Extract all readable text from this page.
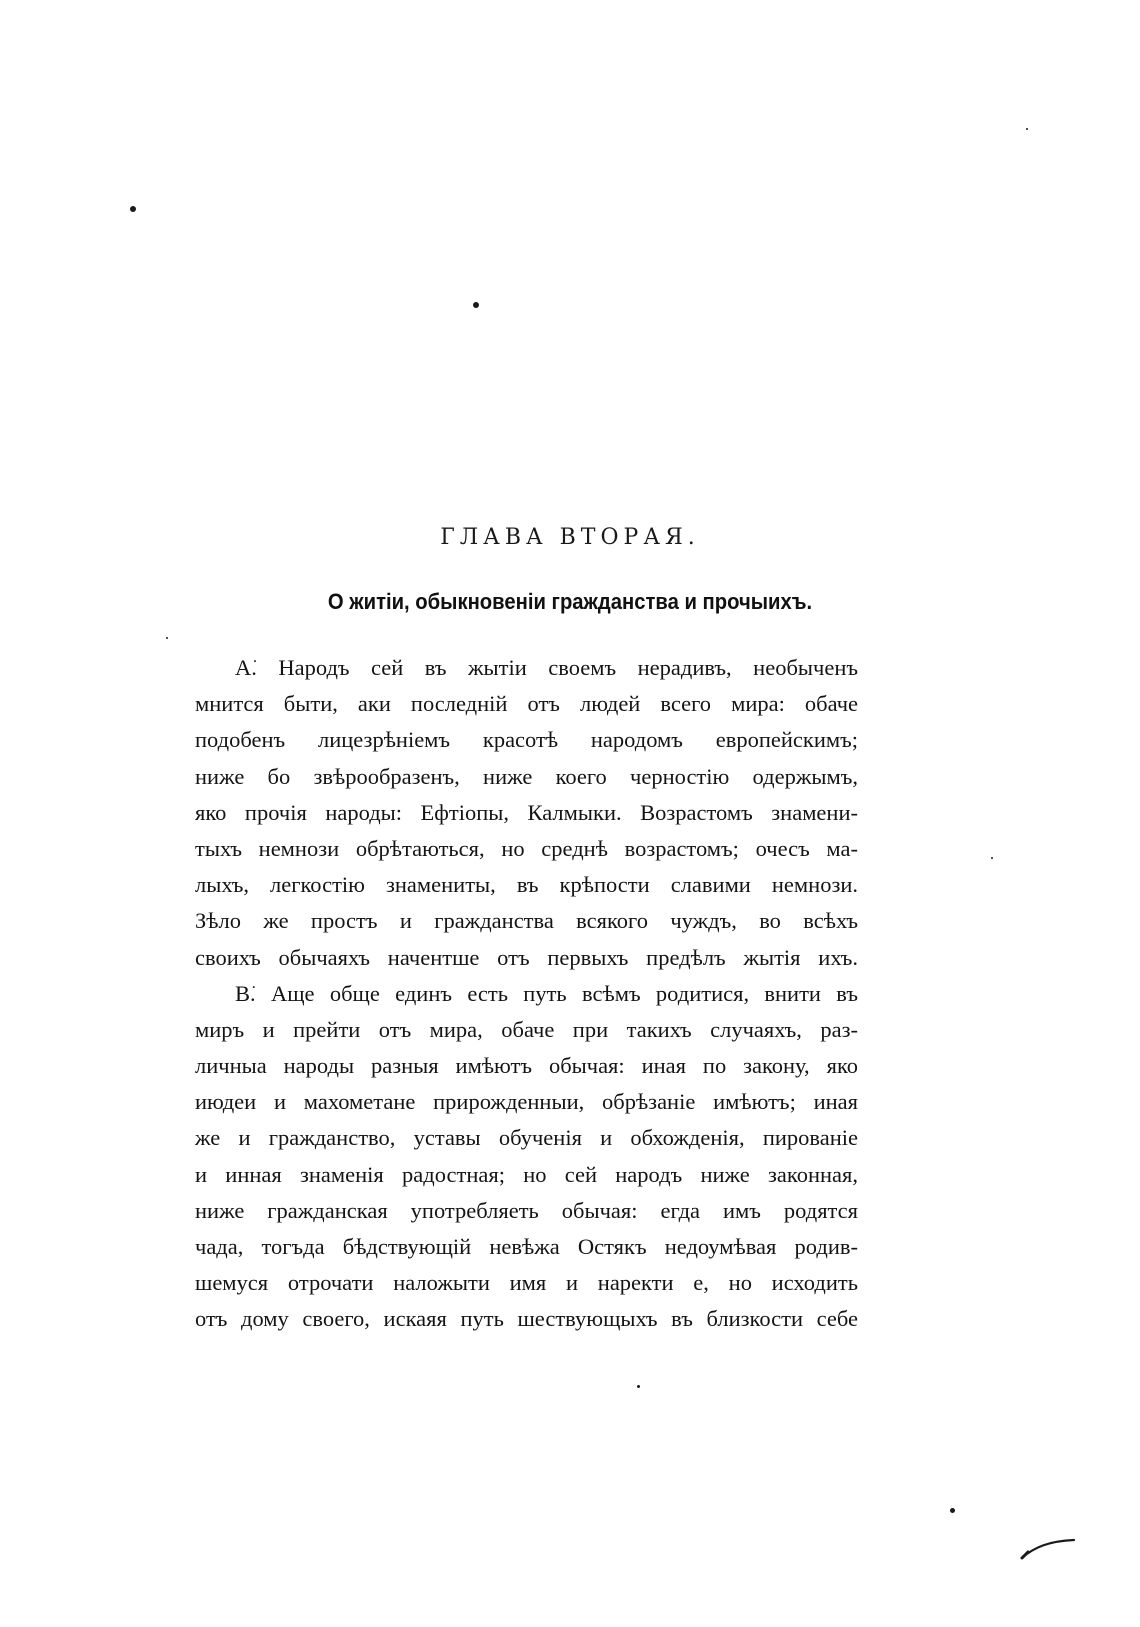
ГЛАВА ВТОРАЯ.
О житіи, обыкновеніи гражданства и прочыихъ.
А͘. Народъ сей въ жытіи своемъ нерадивъ, необыченъ
мнится быти, аки последній отъ людей всего мира: обаче
подобенъ лицезрѣніемъ красотѣ народомъ европейскимъ;
ниже бо звѣрообразенъ, ниже коего черностію одержымъ,
яко прочія народы: Ефтіопы, Калмыки. Возрастомъ знамени-
тыхъ немнози обрѣтаються, но среднѣ возрастомъ; очесъ ма-
лыхъ, легкостію знамениты, въ крѣпости славими немнози.
Зѣло же простъ и гражданства всякого чуждъ, во всѣхъ
своихъ обычаяхъ начентше отъ первыхъ предѣлъ жытія ихъ.
В͘. Аще обще единъ есть путь всѣмъ родитися, внити въ
миръ и прейти отъ мира, обаче при такихъ случаяхъ, раз-
личныа народы разныя имѣютъ обычая: иная по закону, яко
июдеи и махометане прирожденныи, обрѣзаніе имѣютъ; иная
же и гражданство, уставы обученія и обхожденія, пированіе
и инная знаменія радостная; но сей народъ ниже законная,
ниже гражданская употребляеть обычая: егда имъ родятся
чада, тогъда бѣдствующій невѣжа Остякъ недоумѣвая родив-
шемуся отрочати наложыти имя и наректи е, но исходить
отъ дому своего, искаяя путь шествующыхъ въ близкости себе
